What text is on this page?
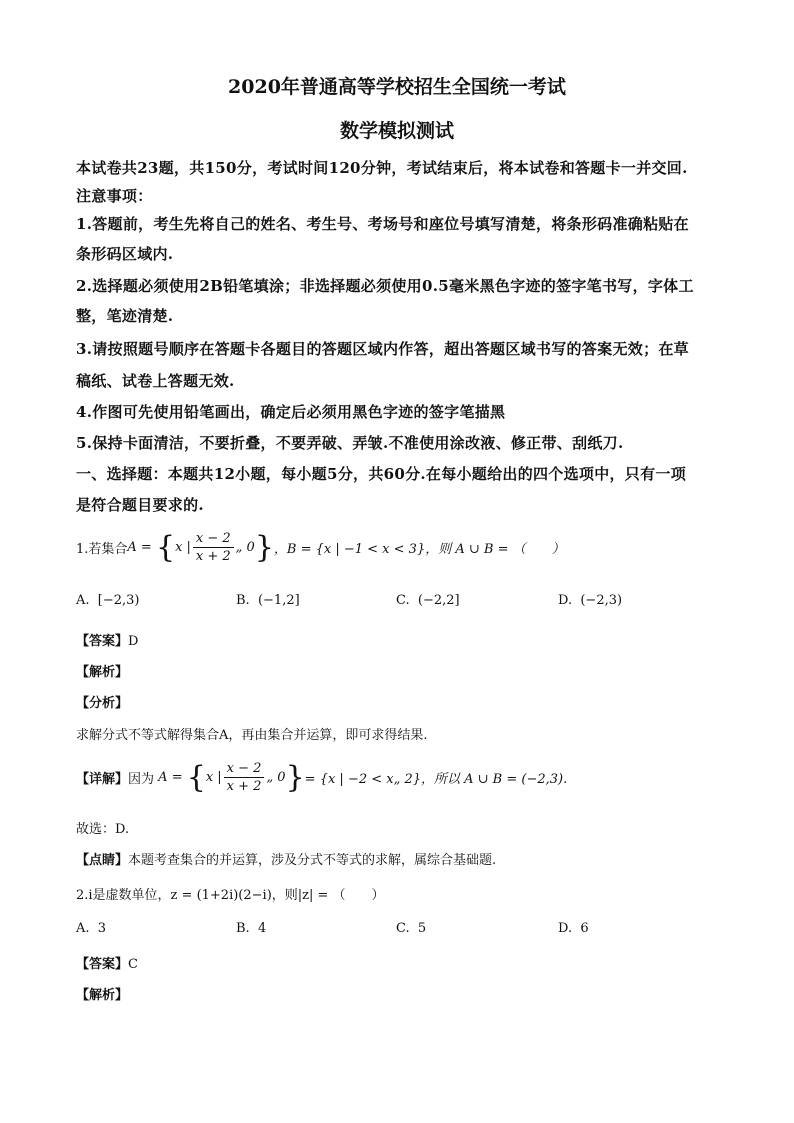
2020年普通高等学校招生全国统一考试
数学模拟测试
本试卷共23题，共150分，考试时间120分钟，考试结束后，将本试卷和答题卡一并交回.
注意事项：
1.答题前，考生先将自己的姓名、考生号、考场号和座位号填写清楚，将条形码准确粘贴在
条形码区域内.
2.选择题必须使用2B铅笔填涂；非选择题必须使用0.5毫米黑色字迹的签字笔书写，字体工
整，笔迹清楚.
3.请按照题号顺序在答题卡各题目的答题区域内作答，超出答题区域书写的答案无效；在草
稿纸、试卷上答题无效.
4.作图可先使用铅笔画出，确定后必须用黑色字迹的签字笔描黑
5.保持卡面清洁，不要折叠，不要弄破、弄皱.不准使用涂改液、修正带、刮纸刀.
一、选择题：本题共12小题，每小题5分，共60分.在每小题给出的四个选项中，只有一项
是符合题目要求的.
1.若集合 A = { x | $\frac{x - 2}{x + 2}$ „ 0 } ，B = {x | −1 < x < 3}，则 A ∪ B = （　　）
A. [−2,3)	B. (−1,2]	C. (−2,2]	D. (−2,3)
【答案】D
【解析】
【分析】
求解分式不等式解得集合A，再由集合并运算，即可求得结果.
【详解】 因为 A = { x | $\frac{x - 2}{x + 2}$ „ 0 } = {x | −2 < x„ 2}，所以 A ∪ B = (−2,3).
故选：D.
【点睛】本题考查集合的并运算，涉及分式不等式的求解，属综合基础题.
2.i是虚数单位，z = (1+2i)(2−i)，则|z| = （　　）
A. 3	B. 4	C. 5	D. 6
【答案】C
【解析】
